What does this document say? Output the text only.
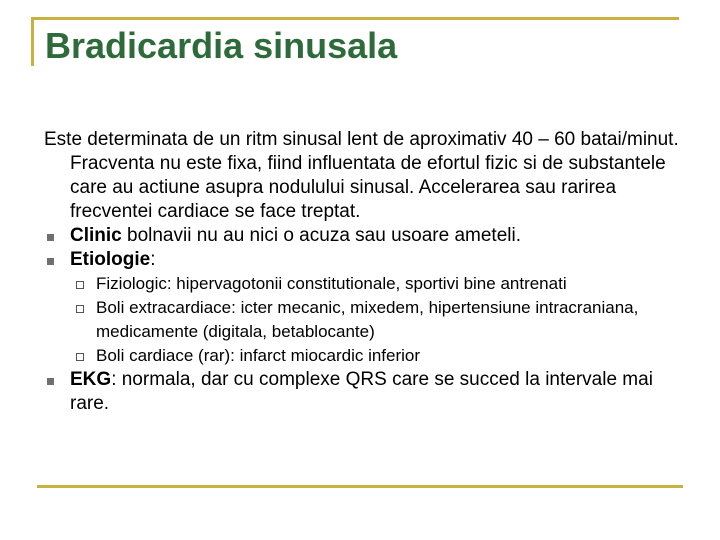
Bradicardia sinusala
Este determinata de un ritm sinusal lent de aproximativ 40 – 60 batai/minut. Fracventa nu este fixa, fiind influentata de efortul fizic si de substantele care au actiune asupra nodulului sinusal. Accelerarea sau rarirea frecventei cardiace se face treptat.
Clinic bolnavii nu au nici o acuza sau usoare ameteli.
Etiologie:
Fiziologic: hipervagotonii constitutionale, sportivi bine antrenati
Boli extracardiace: icter mecanic, mixedem, hipertensiune intracraniana, medicamente (digitala, betablocante)
Boli cardiace (rar): infarct miocardic inferior
EKG: normala, dar cu complexe QRS care se succed la intervale mai rare.
